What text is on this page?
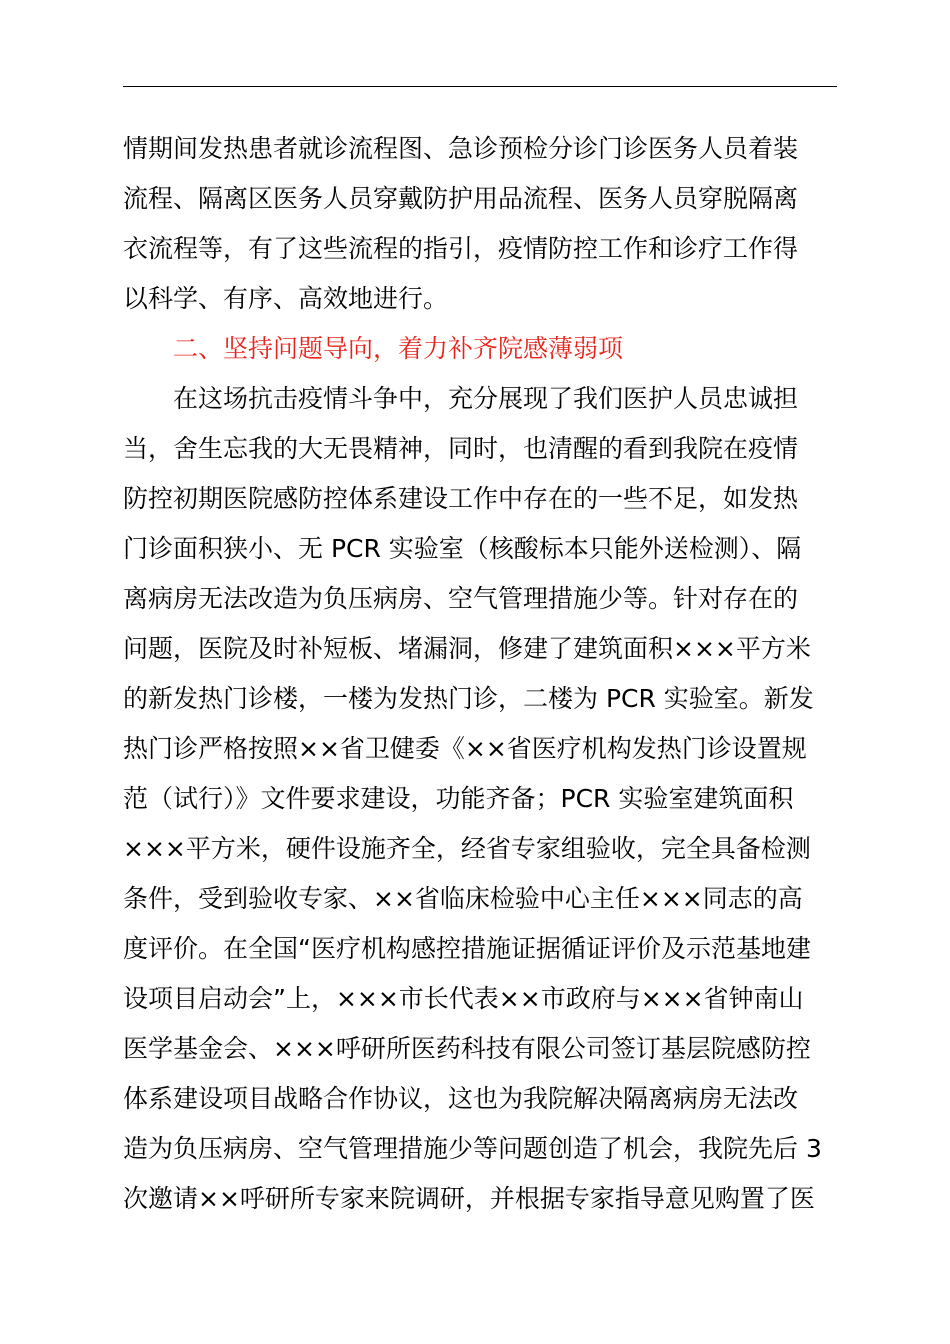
情期间发热患者就诊流程图、急诊预检分诊门诊医务人员着装
流程、隔离区医务人员穿戴防护用品流程、医务人员穿脱隔离
衣流程等，有了这些流程的指引，疫情防控工作和诊疗工作得
以科学、有序、高效地进行。
二、坚持问题导向，着力补齐院感薄弱项
在这场抗击疫情斗争中，充分展现了我们医护人员忠诚担
当，舍生忘我的大无畏精神，同时，也清醒的看到我院在疫情
防控初期医院感防控体系建设工作中存在的一些不足，如发热
门诊面积狭小、无 PCR 实验室（核酸标本只能外送检测）、隔
离病房无法改造为负压病房、空气管理措施少等。针对存在的
问题，医院及时补短板、堵漏洞，修建了建筑面积×××平方米
的新发热门诊楼，一楼为发热门诊，二楼为 PCR 实验室。新发
热门诊严格按照××省卫健委《××省医疗机构发热门诊设置规
范（试行）》文件要求建设，功能齐备；PCR 实验室建筑面积
×××平方米，硬件设施齐全，经省专家组验收，完全具备检测
条件，受到验收专家、××省临床检验中心主任×××同志的高
度评价。在全国“医疗机构感控措施证据循证评价及示范基地建
设项目启动会”上，×××市长代表××市政府与×××省钟南山
医学基金会、×××呼研所医药科技有限公司签订基层院感防控
体系建设项目战略合作协议，这也为我院解决隔离病房无法改
造为负压病房、空气管理措施少等问题创造了机会，我院先后 3
次邀请××呼研所专家来院调研，并根据专家指导意见购置了医
